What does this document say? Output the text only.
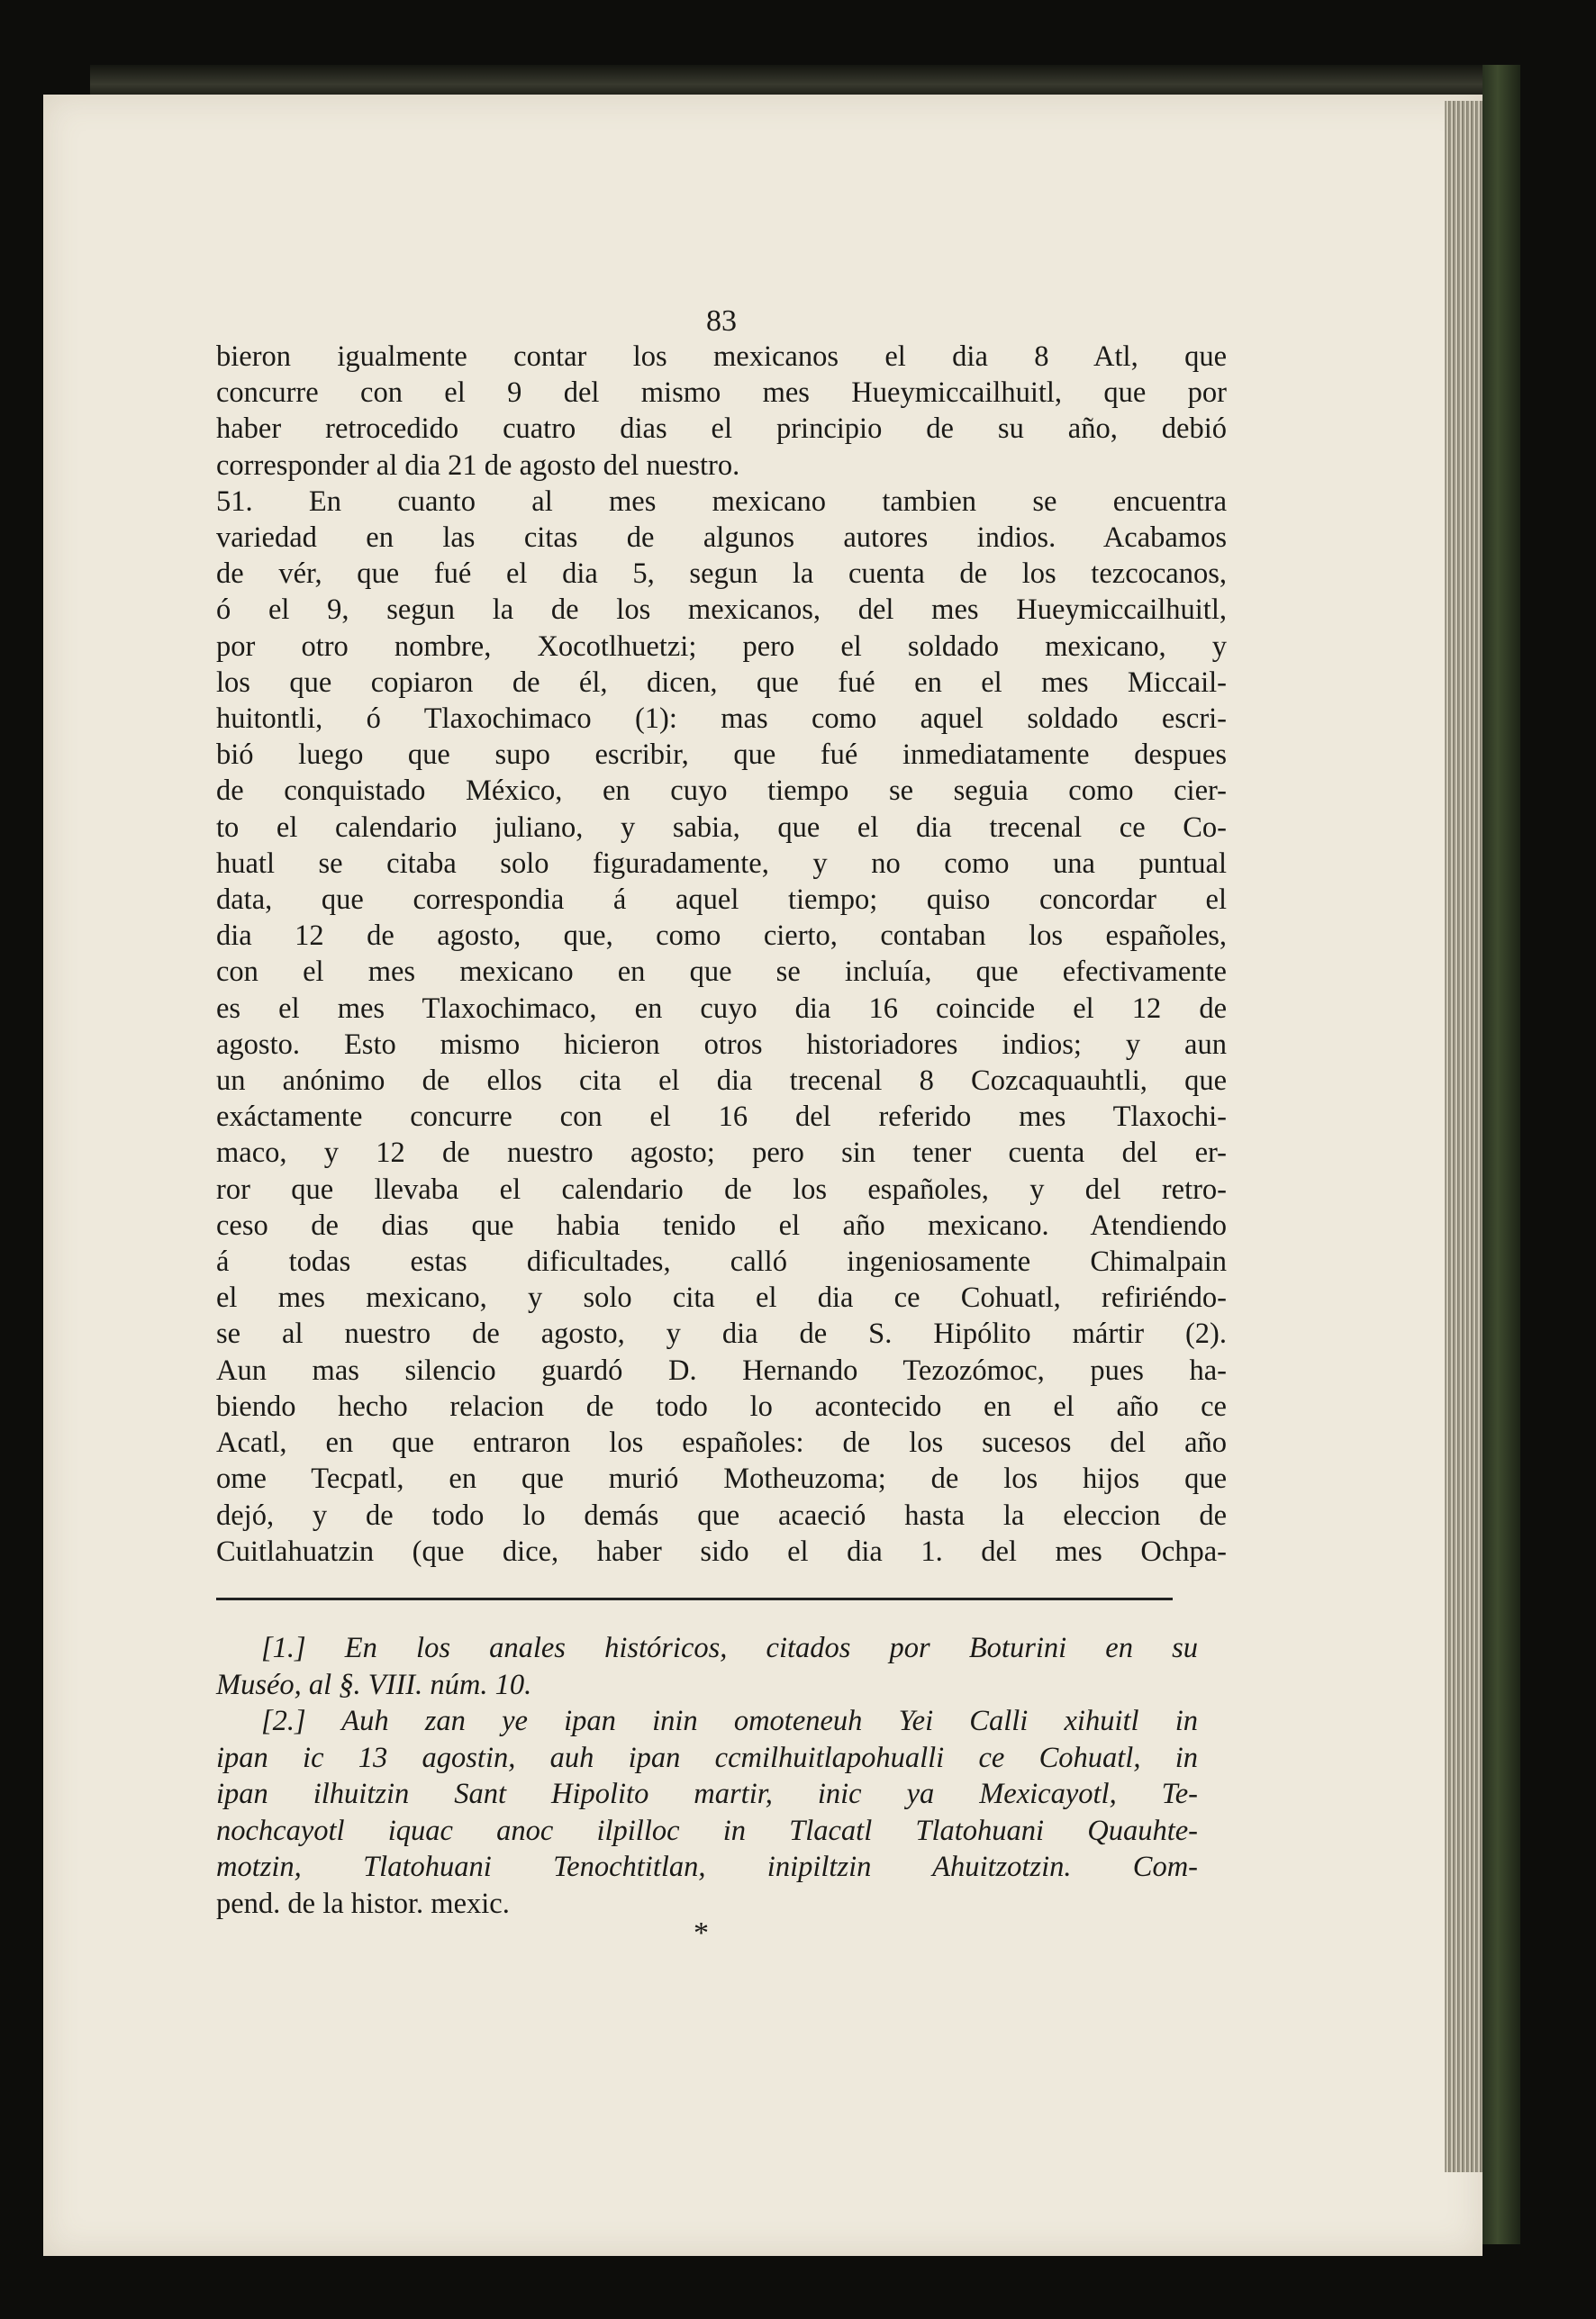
83
bieron igualmente contar los mexicanos el dia 8 Atl, que
concurre con el 9 del mismo mes Hueymiccailhuitl, que por
haber retrocedido cuatro dias el principio de su año, debió
corresponder al dia 21 de agosto del nuestro.
51. En cuanto al mes mexicano tambien se encuentra
variedad en las citas de algunos autores indios. Acabamos
de vér, que fué el dia 5, segun la cuenta de los tezcocanos,
ó el 9, segun la de los mexicanos, del mes Hueymiccailhuitl,
por otro nombre, Xocotlhuetzi; pero el soldado mexicano, y
los que copiaron de él, dicen, que fué en el mes Miccail-
huitontli, ó Tlaxochimaco (1): mas como aquel soldado escri-
bió luego que supo escribir, que fué inmediatamente despues
de conquistado México, en cuyo tiempo se seguia como cier-
to el calendario juliano, y sabia, que el dia trecenal ce Co-
huatl se citaba solo figuradamente, y no como una puntual
data, que correspondia á aquel tiempo; quiso concordar el
dia 12 de agosto, que, como cierto, contaban los españoles,
con el mes mexicano en que se incluía, que efectivamente
es el mes Tlaxochimaco, en cuyo dia 16 coincide el 12 de
agosto. Esto mismo hicieron otros historiadores indios; y aun
un anónimo de ellos cita el dia trecenal 8 Cozcaquauhtli, que
exáctamente concurre con el 16 del referido mes Tlaxochi-
maco, y 12 de nuestro agosto; pero sin tener cuenta del er-
ror que llevaba el calendario de los españoles, y del retro-
ceso de dias que habia tenido el año mexicano. Atendiendo
á todas estas dificultades, calló ingeniosamente Chimalpain
el mes mexicano, y solo cita el dia ce Cohuatl, refiriéndo-
se al nuestro de agosto, y dia de S. Hipólito mártir (2).
Aun mas silencio guardó D. Hernando Tezozómoc, pues ha-
biendo hecho relacion de todo lo acontecido en el año ce
Acatl, en que entraron los españoles: de los sucesos del año
ome Tecpatl, en que murió Motheuzoma; de los hijos que
dejó, y de todo lo demás que acaeció hasta la eleccion de
Cuitlahuatzin (que dice, haber sido el dia 1. del mes Ochpa-
[1.] En los anales históricos, citados por Boturini en su
Muséo, al §. VIII. núm. 10.
[2.] Auh zan ye ipan inin omoteneuh Yei Calli xihuitl in
ipan ic 13 agostin, auh ipan ccmilhuitlapohualli ce Cohuatl, in
ipan ilhuitzin Sant Hipolito martir, inic ya Mexicayotl, Te-
nochcayotl iquac anoc ilpilloc in Tlacatl Tlatohuani Quauhte-
motzin, Tlatohuani Tenochtitlan, inipiltzin Ahuitzotzin. Com-
pend. de la histor. mexic.
*
